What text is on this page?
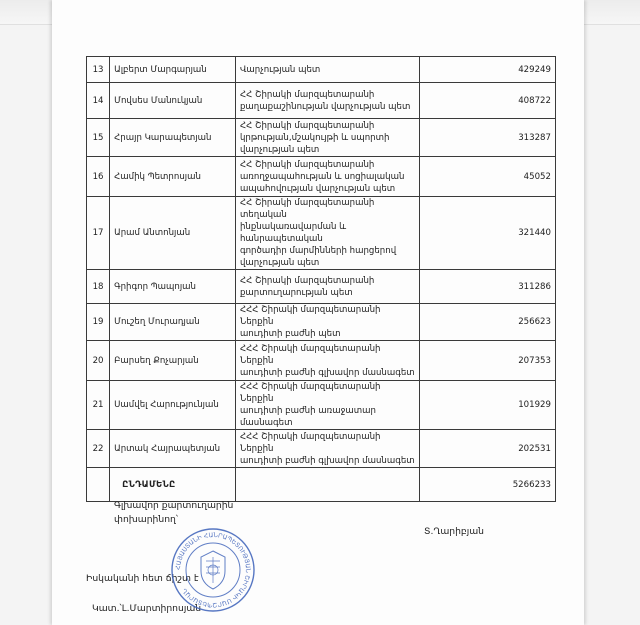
13	Ալբերտ Մարգարյան	Վարչության պետ	429249
14	Մովսես Մանուկյան	ՀՀ Շիրակի մարզպետարանի
քաղաքաշինության վարչության պետ	408722
15	Հրայր Կարապետյան	ՀՀ Շիրակի մարզպետարանի
կրթության,մշակույթի և սպորտի
վարչության պետ	313287
16	Համիկ Պետրոսյան	ՀՀ Շիրակի մարզպետարանի
առողջապահության և սոցիալական
ապահովության վարչության պետ	45052
17	Արամ Անտոնյան	ՀՀ Շիրակի մարզպետարանի տեղական
ինքնակառավարման և հանրապետական
գործադիր մարմինների հարցերով
վարչության պետ	321440
18	Գրիգոր Պապոյան	ՀՀ Շիրակի մարզպետարանի
քարտուղարության պետ	311286
19	Մուշեղ Մուրադյան	ՀՀՀ Շիրակի մարզպետարանի Ներքին
աուդիտի բաժնի պետ	256623
20	Բարսեղ Քոչարյան	ՀՀՀ Շիրակի մարզպետարանի Ներքին
աուդիտի բաժնի գլխավոր մասնագետ	207353
21	Սամվել Հարությունյան	ՀՀՀ Շիրակի մարզպետարանի Ներքին
աուդիտի բաժնի առաջատար մասնագետ	101929
22	Արտակ Հայրապետյան	ՀՀՀ Շիրակի մարզպետարանի Ներքին
աուդիտի բաժնի գլխավոր մասնագետ	202531
	ԸՆԴԱՄԵՆԸ		5266233
Գլխավոր քարտուղարին
փոխարինող՝
Տ.Ղարիբյան
Իսկականի հետ ճիշտ է
Կատ.՝Լ.Մարտիրոսյան
ՀԱՅԱՍՏԱՆԻ ՀԱՆՐԱՊԵՏՈՒԹՅԱՆ ՇԻՐԱԿԻ ՄԱՐԶՊԵՏԱՐԱՆ
